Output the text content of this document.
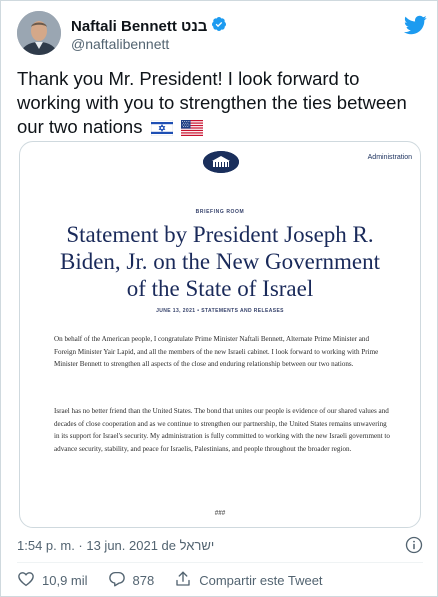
Naftali Bennett בנט
@naftalibennett
Thank you Mr. President! I look forward to working with you to strengthen the ties between our two nations
Administration
BRIEFING ROOM
Statement by President Joseph R. Biden, Jr. on the New Government of the State of Israel
JUNE 13, 2021 • STATEMENTS AND RELEASES
On behalf of the American people, I congratulate Prime Minister Naftali Bennett, Alternate Prime Minister and Foreign Minister Yair Lapid, and all the members of the new Israeli cabinet. I look forward to working with Prime Minister Bennett to strengthen all aspects of the close and enduring relationship between our two nations.
Israel has no better friend than the United States. The bond that unites our people is evidence of our shared values and decades of close cooperation and as we continue to strengthen our partnership, the United States remains unwavering in its support for Israel's security. My administration is fully committed to working with the new Israeli government to advance security, stability, and peace for Israelis, Palestinians, and people throughout the broader region.
###
1:54 p. m. · 13 jun. 2021 de ישראל
10,9 mil	878	Compartir este Tweet
